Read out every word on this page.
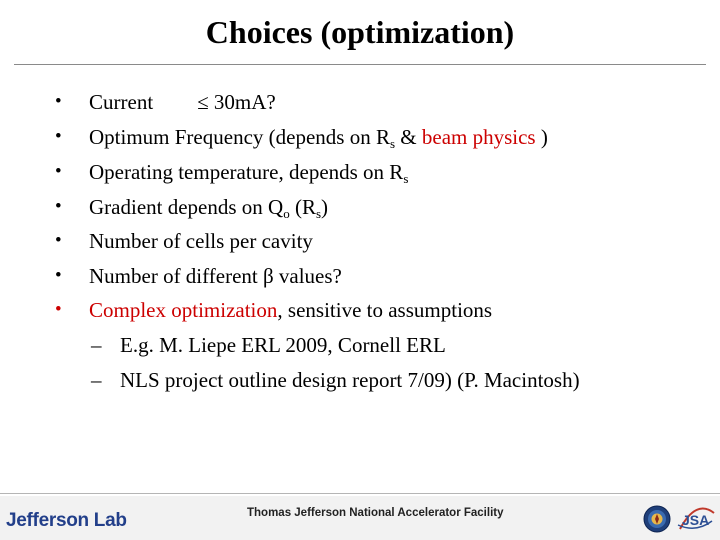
Choices (optimization)
• Current ≤ 30mA?
• Optimum Frequency (depends on $R_s$ & beam physics )
• Operating temperature, depends on $R_s$
• Gradient depends on $Q_o$ $(R_s)$
• Number of cells per cavity
• Number of different β values?
• Complex optimization, sensitive to assumptions
– E.g. M. Liepe ERL 2009, Cornell ERL
– NLS project outline design report 7/09) (P. Macintosh)
Jefferson Lab	Thomas Jefferson National Accelerator Facility	JSA
